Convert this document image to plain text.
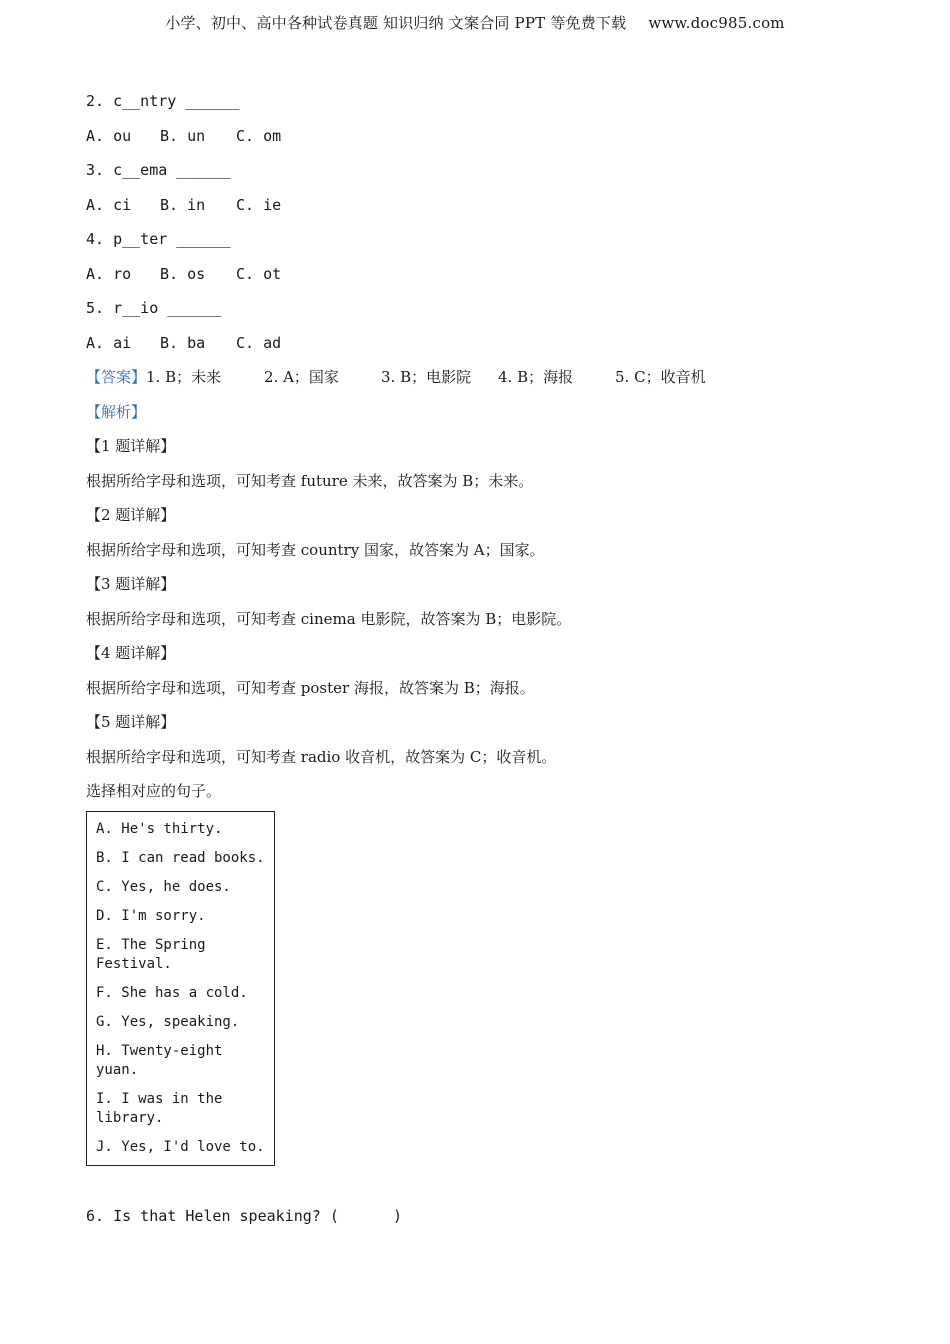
小学、初中、高中各种试卷真题 知识归纳 文案合同 PPT 等免费下载 www.doc985.com
2. c__ntry ______
A. ou B. un C. om
3. c__ema ______
A. ci B. in C. ie
4. p__ter ______
A. ro B. os C. ot
5. r__io ______
A. ai B. ba C. ad
【答案】1. B；未来	2. A；国家	3. B；电影院 4. B；海报	5. C；收音机
【解析】
【1 题详解】
根据所给字母和选项，可知考查 future 未来，故答案为 B；未来。
【2 题详解】
根据所给字母和选项，可知考查 country 国家，故答案为 A；国家。
【3 题详解】
根据所给字母和选项，可知考查 cinema 电影院，故答案为 B；电影院。
【4 题详解】
根据所给字母和选项，可知考查 poster 海报，故答案为 B；海报。
【5 题详解】
根据所给字母和选项，可知考查 radio 收音机，故答案为 C；收音机。
选择相对应的句子。
A. He's thirty.
B. I can read books.
C. Yes, he does.
D. I'm sorry.
E. The Spring Festival.
F. She has a cold.
G. Yes, speaking.
H. Twenty-eight yuan.
I. I was in the library.
J. Yes, I'd love to.
6. Is that Helen speaking? (      )
